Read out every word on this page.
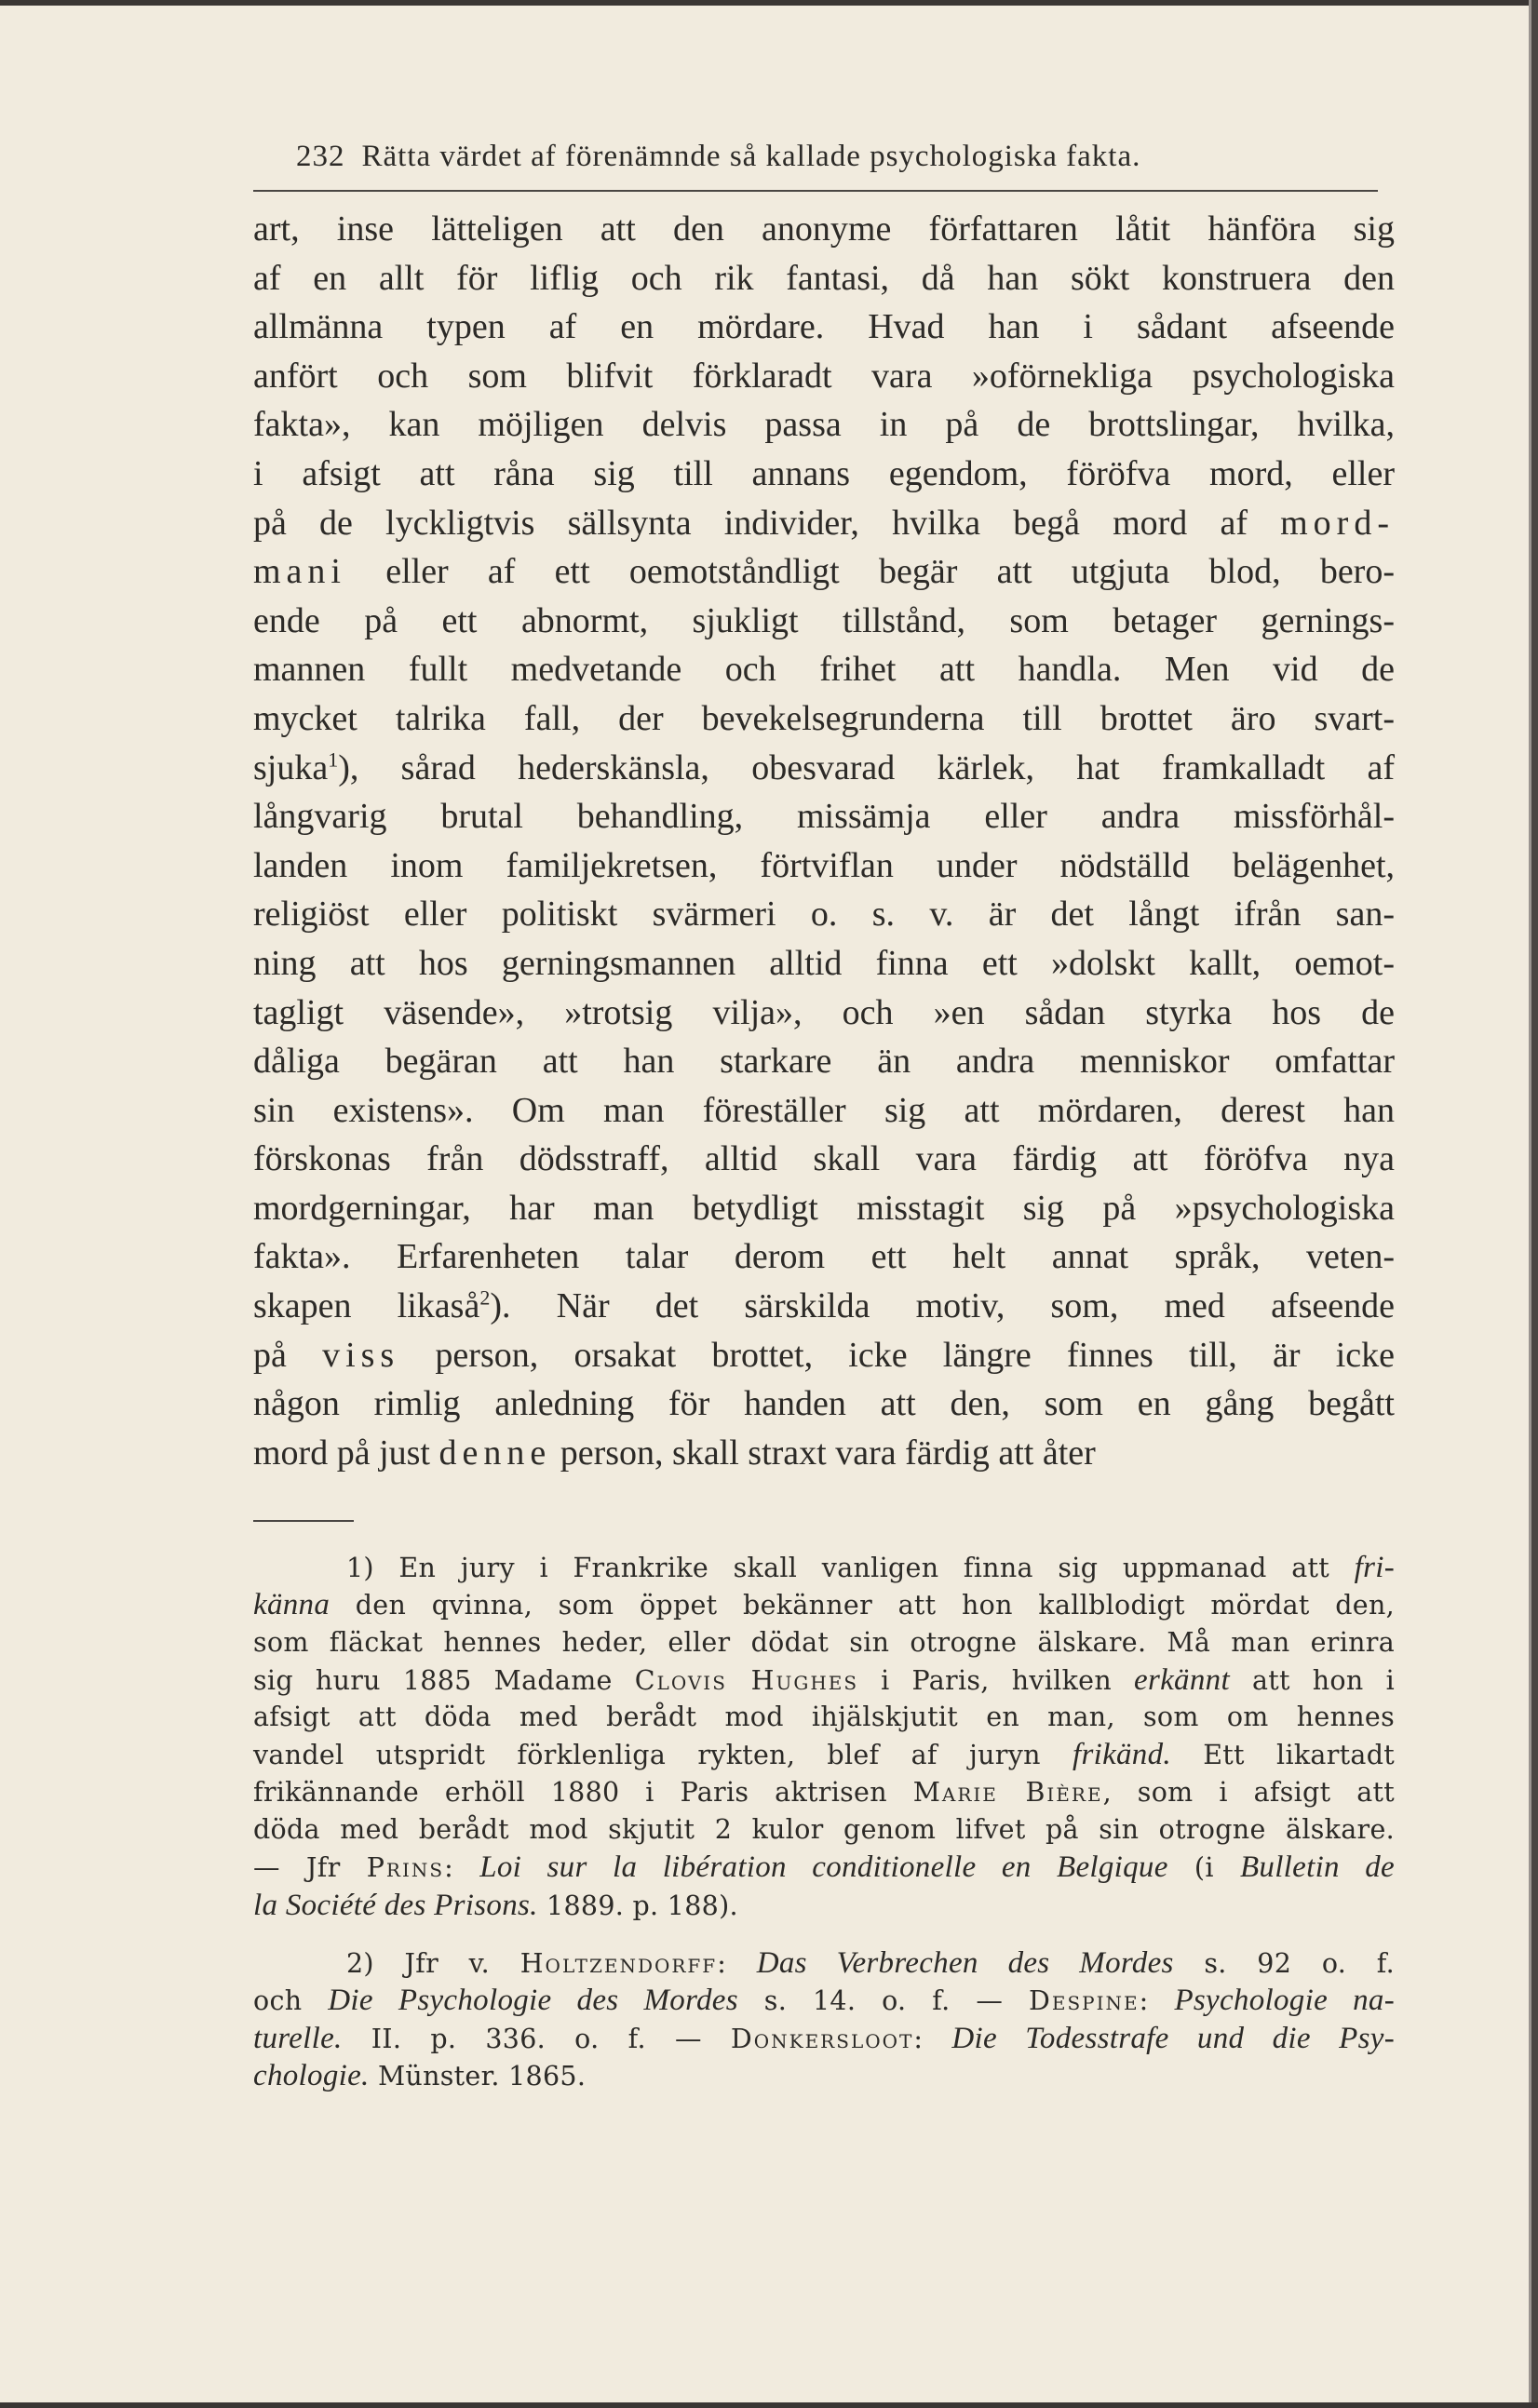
232 Rätta värdet af förenämnde så kallade psychologiska fakta.
art, inse lätteligen att den anonyme författaren låtit hänföra sig
af en allt för liflig och rik fantasi, då han sökt konstruera den
allmänna typen af en mördare. Hvad han i sådant afseende
anfört och som blifvit förklaradt vara »oförnekliga psychologiska
fakta», kan möjligen delvis passa in på de brottslingar, hvilka,
i afsigt att råna sig till annans egendom, föröfva mord, eller
på de lyckligtvis sällsynta individer, hvilka begå mord af mord-
mani eller af ett oemotståndligt begär att utgjuta blod, bero-
ende på ett abnormt, sjukligt tillstånd, som betager gernings-
mannen fullt medvetande och frihet att handla. Men vid de
mycket talrika fall, der bevekelsegrunderna till brottet äro svart-
sjuka$^1$), sårad hederskänsla, obesvarad kärlek, hat framkalladt af
långvarig brutal behandling, missämja eller andra missförhål-
landen inom familjekretsen, förtviflan under nödställd belägenhet,
religiöst eller politiskt svärmeri o. s. v. är det långt ifrån san-
ning att hos gerningsmannen alltid finna ett »dolskt kallt, oemot-
tagligt väsende», »trotsig vilja», och »en sådan styrka hos de
dåliga begäran att han starkare än andra menniskor omfattar
sin existens». Om man föreställer sig att mördaren, derest han
förskonas från dödsstraff, alltid skall vara färdig att föröfva nya
mordgerningar, har man betydligt misstagit sig på »psychologiska
fakta». Erfarenheten talar derom ett helt annat språk, veten-
skapen likaså$^2$). När det särskilda motiv, som, med afseende
på viss person, orsakat brottet, icke längre finnes till, är icke
någon rimlig anledning för handen att den, som en gång begått
mord på just denne person, skall straxt vara färdig att åter
1) En jury i Frankrike skall vanligen finna sig uppmanad att fri-
känna den qvinna, som öppet bekänner att hon kallblodigt mördat den,
som fläckat hennes heder, eller dödat sin otrogne älskare. Må man erinra
sig huru 1885 Madame Clovis Hughes i Paris, hvilken erkännt att hon i
afsigt att döda med berådt mod ihjälskjutit en man, som om hennes
vandel utspridt förklenliga rykten, blef af juryn frikänd. Ett likartadt
frikännande erhöll 1880 i Paris aktrisen Marie Bière, som i afsigt att
döda med berådt mod skjutit 2 kulor genom lifvet på sin otrogne älskare.
— Jfr Prins: Loi sur la libération conditionelle en Belgique (i Bulletin de
la Société des Prisons. 1889. p. 188).
2) Jfr v. Holtzendorff: Das Verbrechen des Mordes s. 92 o. f.
och Die Psychologie des Mordes s. 14. o. f. — Despine: Psychologie na-
turelle. II. p. 336. o. f. — Donkersloot: Die Todesstrafe und die Psy-
chologie. Münster. 1865.
